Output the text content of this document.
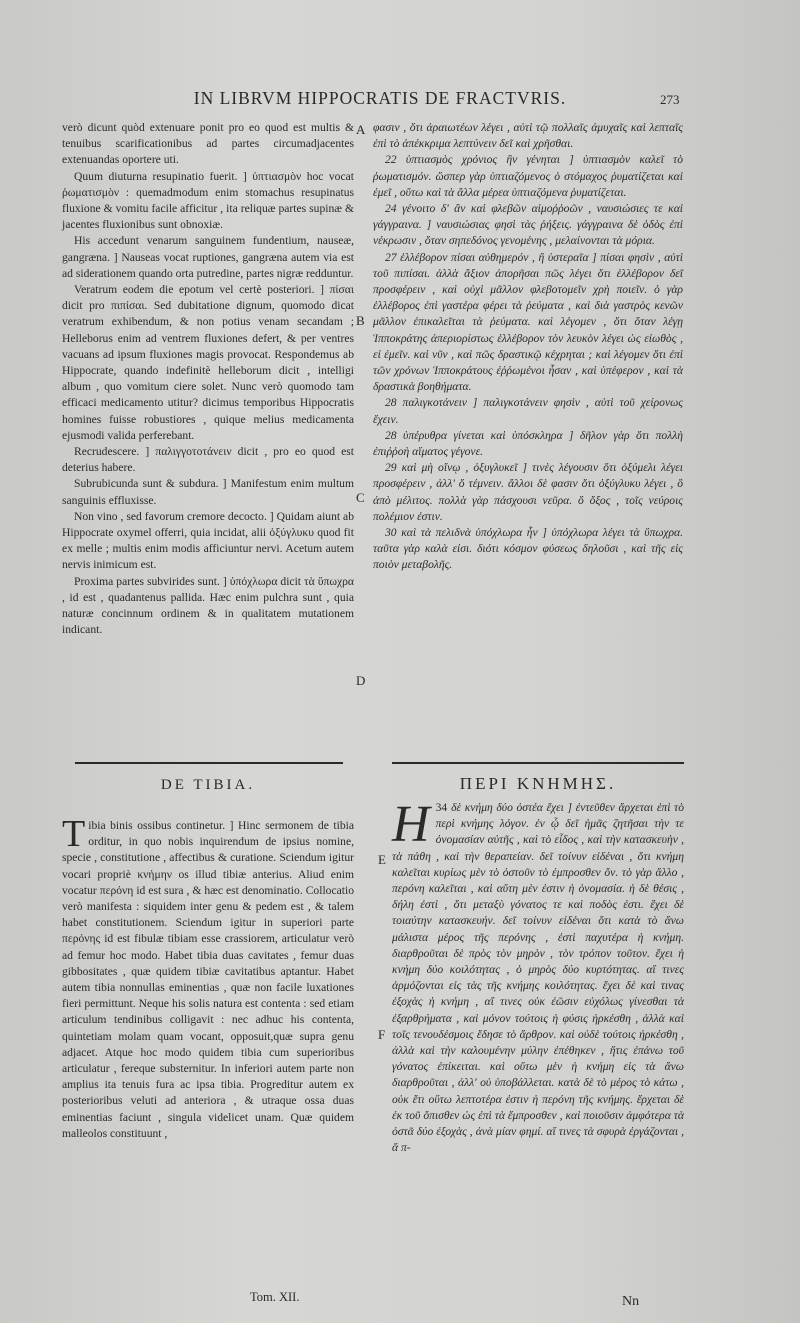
IN LIBRVM HIPPOCRATIS DE FRACTVRIS.	273

verò dicunt quòd extenuare ponit pro eo quod est multis & tenuibus scarificationibus ad partes circumadjacentes extenuandas oportere uti.

Quum diuturna resupinatio fuerit. ] ὑπτιασμὸν hoc vocat ῥωματισμὸν : quemadmodum enim stomachus resupinatus fluxione & vomitu facile afficitur , ita reliquæ partes supinæ & jacentes fluxionibus sunt obnoxiæ.

His accedunt venarum sanguinem fundentium, nauseæ, gangræna. ] Nauseas vocat ruptiones, gangræna autem via est ad siderationem quando orta putredine, partes nigræ redduntur.

Veratrum eodem die epotum vel certè posteriori. ] πίσαι dicit pro πιπίσαι. Sed dubitatione dignum, quomodo dicat veratrum exhibendum, & non potius venam secandam ; Helleborus enim ad ventrem fluxiones defert, & per ventres vacuans ad ipsum fluxiones magis provocat. Respondemus ab Hippocrate, quando indefinitè helleborum dicit , intelligi album , quo vomitum ciere solet. Nunc verò quomodo tam efficaci medicamento utitur? dicimus temporibus Hippocratis homines fuisse robustiores , quique melius medicamenta ejusmodi valida perferebant.

Recrudescere. ] παλιγγοτοτάνειν dicit , pro eo quod est deterius habere.

Subrubicunda sunt & subdura. ] Manifestum enim multum sanguinis effluxisse.

Non vino , sed favorum cremore decocto. ] Quidam aiunt ab Hippocrate oxymel offerri, quia incidat, alii ὀξύγλυκυ quod fit ex melle ; multis enim modis afficiuntur nervi. Acetum autem nervis inimicum est.

Proxima partes subvirides sunt. ] ὑπόχλωρα dicit τὰ ὕπωχρα , id est , quadantenus pallida. Hæc enim pulchra sunt , quia naturæ concinnum ordinem & in qualitatem mutationem indicant.

A
B
C
D
E
F

φασιν , ὅτι ἀραιωτέων λέγει , αὐτὶ τῷ πολλαῖς ἀμυχαῖς καὶ λεπταῖς ἐπὶ τὸ ἀπέκκριμα λεπτύνειν δεῖ καὶ χρῆσθαι.

22 ὑπτιασμὸς χρόνιος ἢν γένηται ] ὑπτιασμὸν καλεῖ τὸ ῥωματισμόν. ὥσπερ γὰρ ὑπτιαζόμενος ὁ στόμαχος ῥυματίζεται καὶ ἐμεῖ , οὕτω καὶ τὰ ἄλλα μέρεα ὑπτιαζόμενα ῥυματίζεται.

24 γένοιτο δ' ἂν καὶ φλεβῶν αἱμοῤῥοῶν , ναυσιώσιες τε καὶ γάγγραινα. ] ναυσιώσιας φησὶ τὰς ῥήξεις. γάγγραινα δὲ ὁδὸς ἐπὶ νέκρωσιν , ὅταν σηπεδόνος γενομένης , μελαίνονται τὰ μόρια.

27 ἑλλέβορον πίσαι αὐθημερόν , ἢ ὑστεραῖα ] πίσαι φησὶν , αὐτὶ τοῦ πιπίσαι. ἀλλὰ ἄξιον ἀπορῆσαι πῶς λέγει ὅτι ἑλλέβορον δεῖ προσφέρειν , καὶ οὐχὶ μᾶλλον φλεβοτομεῖν χρὴ ποιεῖν. ὁ γὰρ ἑλλέβορος ἐπὶ γαστέρα φέρει τὰ ῥεύματα , καὶ διὰ γαστρὸς κενῶν μᾶλλον ἐπικαλεῖται τὰ ῥεύματα. καὶ λέγομεν , ὅτι ὅταν λέγῃ Ἱπποκράτης ἀπεριορίστως ἑλλέβορον τὸν λευκὸν λέγει ὡς εἰωθὸς , εἰ ἐμεῖν. καὶ νῦν , καὶ πῶς δραστικῷ κέχρηται ; καὶ λέγομεν ὅτι ἐπὶ τῶν χρόνων Ἱπποκράτους ἐῤῥωμένοι ἦσαν , καὶ ὑπέφερον , καὶ τὰ δραστικὰ βοηθήματα.

28 παλιγκοτάνειν ] παλιγκοτάνειν φησὶν , αὐτὶ τοῦ χείρονως ἔχειν.

28 ὑπέρυθρα γίνεται καὶ ὑπόσκληρα ] δῆλον γὰρ ὅτι πολλὴ ἐπιῤῥοὴ αἵματος γέγονε.

29 καὶ μὴ οἴνῳ , ὀξυγλυκεῖ ] τινὲς λέγουσιν ὅτι ὀξύμελι λέγει προσφέρειν , ἀλλ' ὅ τέμνειν. ἄλλοι δὲ φασιν ὅτι ὀξύγλυκυ λέγει , ὃ ἀπὸ μέλιτος. πολλὰ γὰρ πάσχουσι νεῦρα. ὅ ὄξος , τοῖς νεύροις πολέμιον ἐστιν.

30 καὶ τὰ πελιδνὰ ὑπόχλωρα ἦν ] ὑπόχλωρα λέγει τὰ ὕπωχρα. ταῦτα γὰρ καλὰ εἰσι. διότι κόσμον φύσεως δηλοῦσι , καὶ τῆς εἰς ποιὸν μεταβολῆς.

DE TIBIA.	ΠΕΡΙ ΚΝΗΜΗΣ.

Tibia binis ossibus continetur. ] Hinc sermonem de tibia orditur, in quo nobis inquirendum de ipsius nomine, specie , constitutione , affectibus & curatione. Sciendum igitur vocari propriè κνήμην os illud tibiæ anterius. Aliud enim vocatur περόνη id est sura , & hæc est denominatio. Collocatio verò manifesta : siquidem inter genu & pedem est , & talem habet constitutionem. Sciendum igitur in superiori parte περόνης id est fibulæ tibiam esse crassiorem, articulatur verò ad femur hoc modo. Habet tibia duas cavitates , femur duas gibbositates , quæ quidem tibiæ cavitatibus aptantur. Habet autem tibia nonnullas eminentias , quæ non facile luxationes fieri permittunt. Neque his solis natura est contenta : sed etiam articulum tendinibus colligavit : nec adhuc his contenta, quintetiam molam quam vocant, opposuit,quæ supra genu adjacet. Atque hoc modo quidem tibia cum superioribus articulatur , fereque substernitur. In inferiori autem parte non amplius ita tenuis fura ac ipsa tibia. Progreditur autem ex posterioribus veluti ad anteriora , & utraque ossa duas eminentias faciunt , singula videlicet unam. Quæ quidem malleolos constituunt ,

34
Η δὲ κνήμη δύο ὀστέα ἔχει ] ἐντεῦθεν ἄρχεται ἐπὶ τὸ περὶ κνήμης λόγον. ἐν ᾧ δεῖ ἡμᾶς ζητῆσαι τὴν τε ὀνομασίαν αὐτῆς , καὶ τὸ εἶδος , καὶ τὴν κατασκευὴν , τὰ πάθη , καὶ τὴν θεραπείαν. δεῖ τοίνυν εἰδέναι , ὅτι κνήμη καλεῖται κυρίως μὲν τὸ ὀστοῦν τὸ ἐμπροσθεν ὄν. τὸ γὰρ ἄλλο , περόνη καλεῖται , καὶ αὕτη μὲν ἐστιν ἡ ὀνομασία. ἡ δὲ θέσις , δήλη ἐστὶ , ὅτι μεταξὺ γόνατος τε καὶ ποδὸς ἐστι. ἔχει δὲ τοιαύτην κατασκευήν. δεῖ τοίνυν εἰδέναι ὅτι κατὰ τὸ ἄνω μάλιστα μέρος τῆς περόνης , ἐστὶ παχυτέρα ἡ κνήμη. διαρθροῦται δὲ πρὸς τὸν μηρὸν , τὸν τρόπον τοῦτον. ἔχει ἡ κνήμη δύο κοιλότητας , ὁ μηρὸς δύο κυρτότητας. αἵ τινες ἁρμόζονται εἰς τὰς τῆς κνήμης κοιλότητας. ἔχει δὲ καὶ τινας ἐξοχὰς ἡ κνήμη , αἵ τινες οὐκ ἐῶσιν εὐχόλως γίνεσθαι τὰ ἐξαρθρήματα , καὶ μόνον τούτοις ἡ φύσις ἠρκέσθη , ἀλλὰ καὶ τοῖς τενουδέσμοις ἔδησε τὸ ἄρθρον. καὶ οὐδὲ τούτοις ἠρκέσθη , ἀλλὰ καὶ τὴν καλουμένην μύλην ἐπέθηκεν , ἥτις ἐπάνω τοῦ γόνατος ἐπίκειται. καὶ οὕτω μὲν ἡ κνήμη εἰς τὰ ἄνω διαρθροῦται , ἀλλ' οὐ ὑποβάλλεται. κατὰ δὲ τὸ μέρος τὸ κάτω , οὐκ ἔτι οὕτω λεπτοτέρα ἐστιν ἡ περόνη τῆς κνήμης. ἔρχεται δὲ ἐκ τοῦ ὄπισθεν ὡς ἐπὶ τὰ ἔμπροσθεν , καὶ ποιοῦσιν ἀμφότερα τὰ ὀστᾶ δύο ἐξοχὰς , ἀνὰ μίαν φημί. αἵ τινες τὰ σφυρὰ ἐργάζονται , ἅ π-

Tom. XII.	Nn
